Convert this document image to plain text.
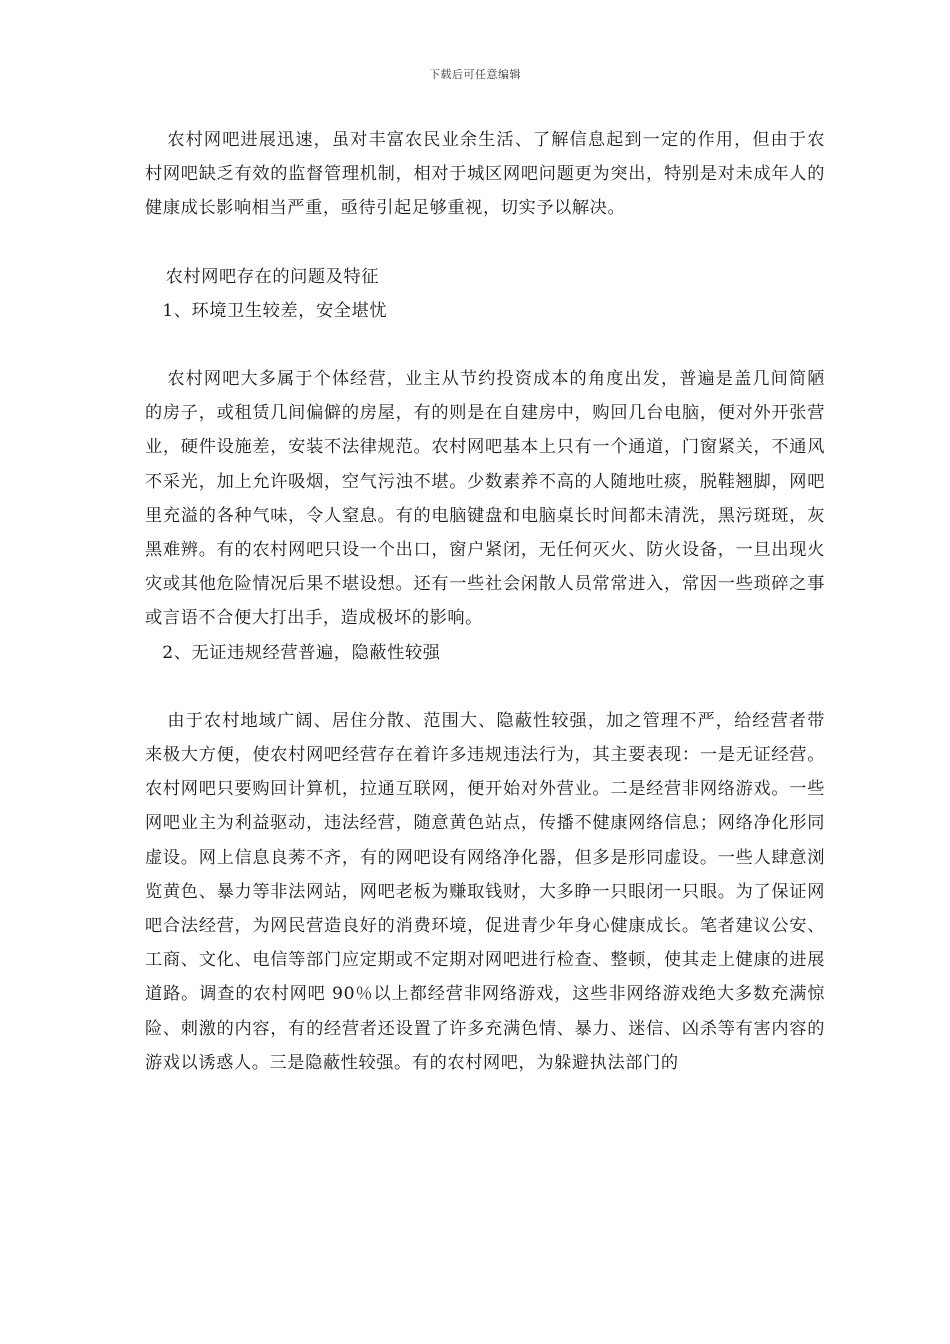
下载后可任意编辑

农村网吧进展迅速，虽对丰富农民业余生活、了解信息起到一定的作用，但由于农村网吧缺乏有效的监督管理机制，相对于城区网吧问题更为突出，特别是对未成年人的健康成长影响相当严重，亟待引起足够重视，切实予以解决。

农村网吧存在的问题及特征

1、环境卫生较差，安全堪忧

农村网吧大多属于个体经营，业主从节约投资成本的角度出发，普遍是盖几间简陋的房子，或租赁几间偏僻的房屋，有的则是在自建房中，购回几台电脑，便对外开张营业，硬件设施差，安装不法律规范。农村网吧基本上只有一个通道，门窗紧关，不通风不采光，加上允许吸烟，空气污浊不堪。少数素养不高的人随地吐痰，脱鞋翘脚，网吧里充溢的各种气味，令人窒息。有的电脑键盘和电脑桌长时间都未清洗，黑污斑斑，灰黑难辨。有的农村网吧只设一个出口，窗户紧闭，无任何灭火、防火设备，一旦出现火灾或其他危险情况后果不堪设想。还有一些社会闲散人员常常进入，常因一些琐碎之事或言语不合便大打出手，造成极坏的影响。

2、无证违规经营普遍，隐蔽性较强

由于农村地域广阔、居住分散、范围大、隐蔽性较强，加之管理不严，给经营者带来极大方便，使农村网吧经营存在着许多违规违法行为，其主要表现：一是无证经营。农村网吧只要购回计算机，拉通互联网，便开始对外营业。二是经营非网络游戏。一些网吧业主为利益驱动，违法经营，随意黄色站点，传播不健康网络信息；网络净化形同虚设。网上信息良莠不齐，有的网吧设有网络净化器，但多是形同虚设。一些人肆意浏览黄色、暴力等非法网站，网吧老板为赚取钱财，大多睁一只眼闭一只眼。为了保证网吧合法经营，为网民营造良好的消费环境，促进青少年身心健康成长。笔者建议公安、工商、文化、电信等部门应定期或不定期对网吧进行检查、整顿，使其走上健康的进展道路。调查的农村网吧 90％以上都经营非网络游戏，这些非网络游戏绝大多数充满惊险、刺激的内容，有的经营者还设置了许多充满色情、暴力、迷信、凶杀等有害内容的游戏以诱惑人。三是隐蔽性较强。有的农村网吧，为躲避执法部门的
